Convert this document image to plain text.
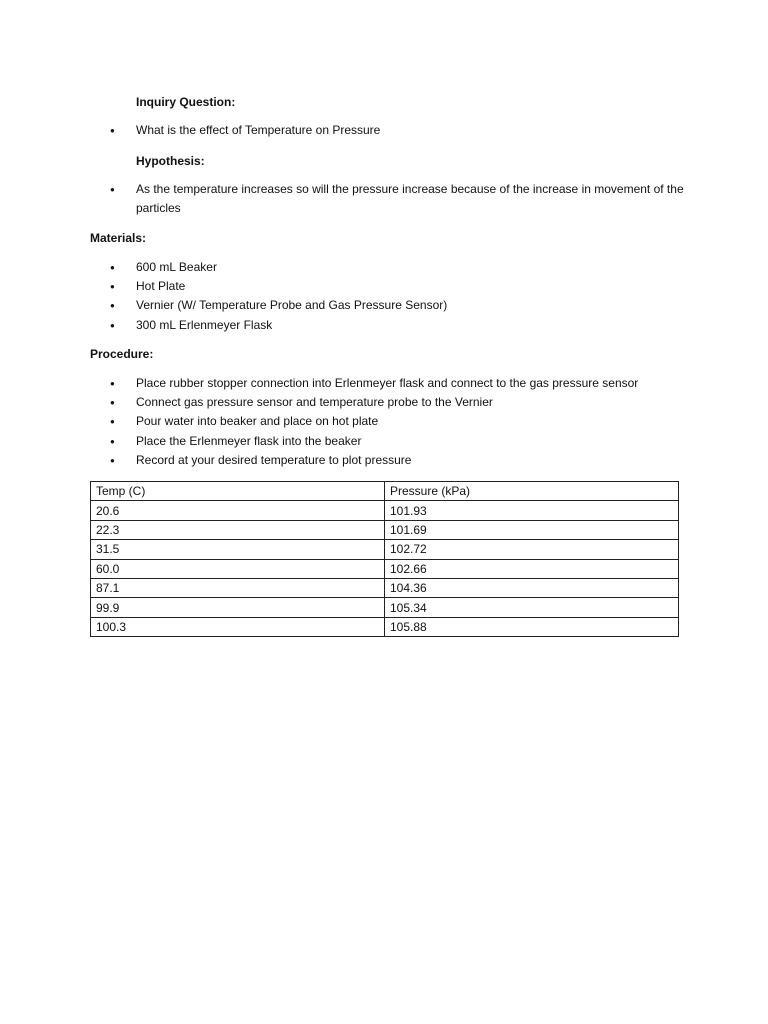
Inquiry Question:
● What is the effect of Temperature on Pressure
Hypothesis:
● As the temperature increases so will the pressure increase because of the increase in movement of the particles
Materials:
● 600 mL Beaker
● Hot Plate
● Vernier (W/ Temperature Probe and Gas Pressure Sensor)
● 300 mL Erlenmeyer Flask
Procedure:
● Place rubber stopper connection into Erlenmeyer flask and connect to the gas pressure sensor
● Connect gas pressure sensor and temperature probe to the Vernier
● Pour water into beaker and place on hot plate
● Place the Erlenmeyer flask into the beaker
● Record at your desired temperature to plot pressure
Temp (C)	Pressure (kPa)
20.6	101.93
22.3	101.69
31.5	102.72
60.0	102.66
87.1	104.36
99.9	105.34
100.3	105.88
